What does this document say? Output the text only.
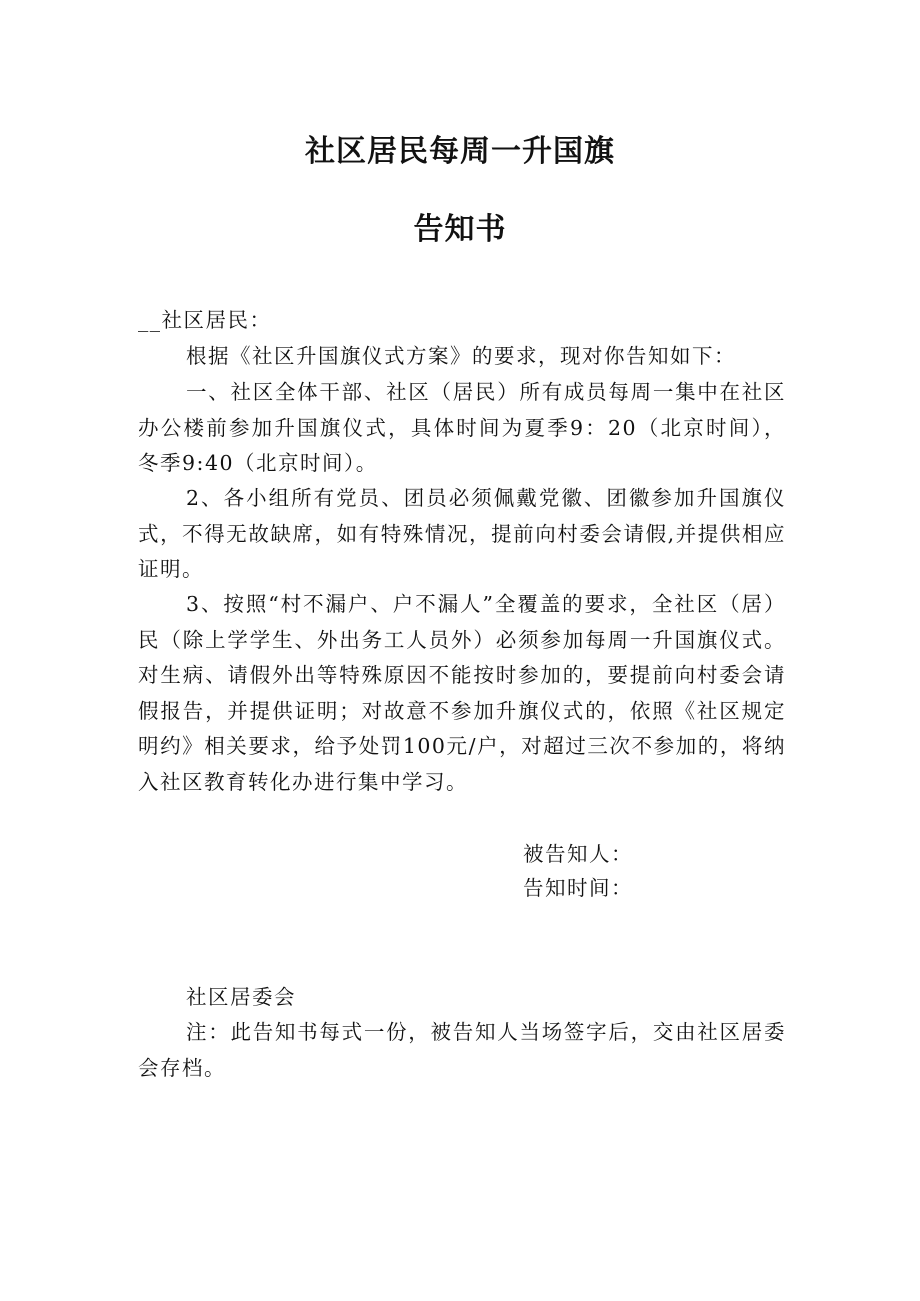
社区居民每周一升国旗
告知书

__社区居民：

根据《社区升国旗仪式方案》的要求，现对你告知如下：

一、社区全体干部、社区（居民）所有成员每周一集中在社区办公楼前参加升国旗仪式，具体时间为夏季9：20（北京时间），冬季9:40（北京时间）。

2、各小组所有党员、团员必须佩戴党徽、团徽参加升国旗仪式，不得无故缺席，如有特殊情况，提前向村委会请假,并提供相应证明。

3、按照“村不漏户、户不漏人”全覆盖的要求，全社区（居）民（除上学学生、外出务工人员外）必须参加每周一升国旗仪式。对生病、请假外出等特殊原因不能按时参加的，要提前向村委会请假报告，并提供证明；对故意不参加升旗仪式的，依照《社区规定明约》相关要求，给予处罚100元/户，对超过三次不参加的，将纳入社区教育转化办进行集中学习。

被告知人：

告知时间：

社区居委会

注：此告知书每式一份，被告知人当场签字后，交由社区居委会存档。
